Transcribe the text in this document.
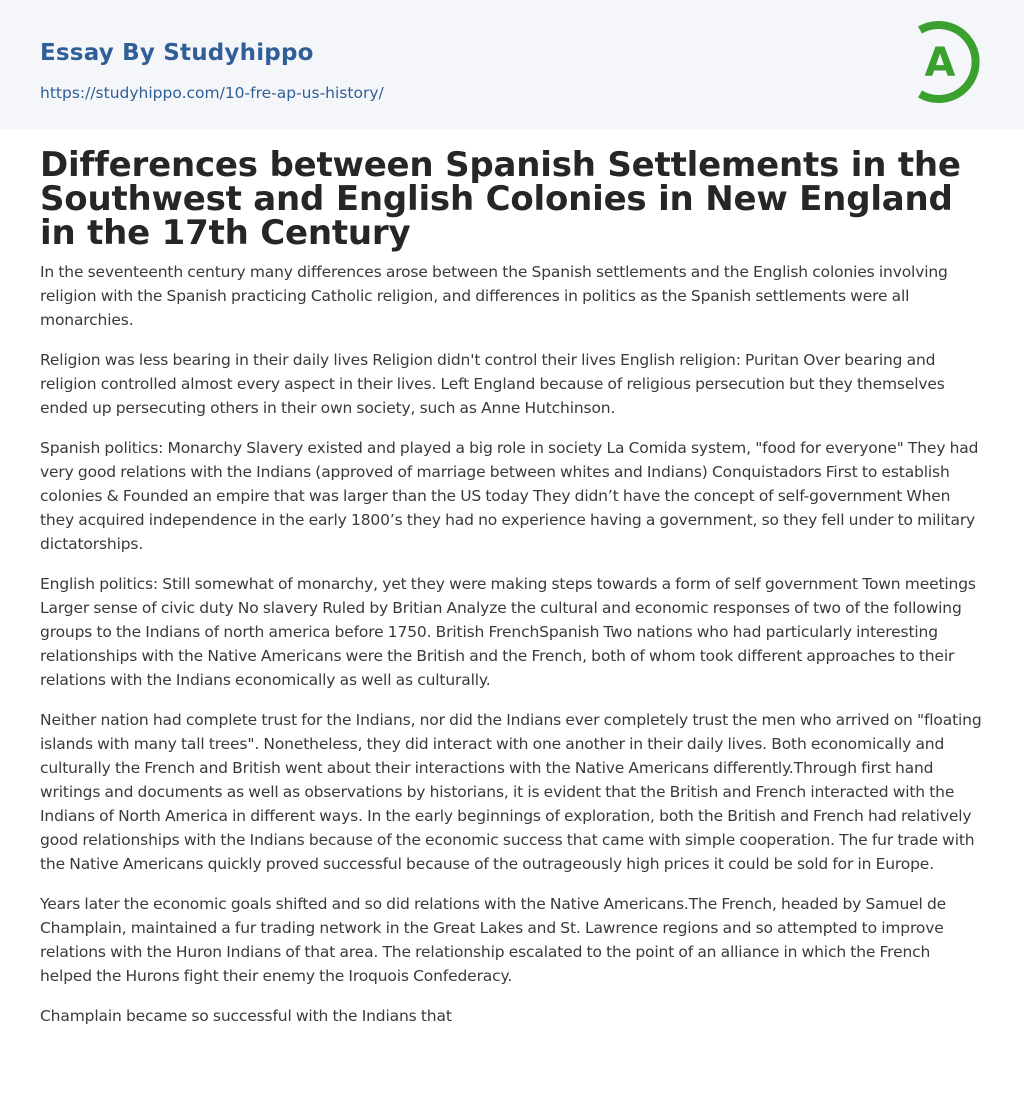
Essay By Studyhippo
https://studyhippo.com/10-fre-ap-us-history/
A
Differences between Spanish Settlements in the Southwest and English Colonies in New England in the 17th Century

In the seventeenth century many differences arose between the Spanish settlements and the English colonies involving religion with the Spanish practicing Catholic religion, and differences in politics as the Spanish settlements were all monarchies.

Religion was less bearing in their daily lives Religion didn't control their lives English religion: Puritan Over bearing and religion controlled almost every aspect in their lives. Left England because of religious persecution but they themselves ended up persecuting others in their own society, such as Anne Hutchinson.

Spanish politics: Monarchy Slavery existed and played a big role in society La Comida system, "food for everyone" They had very good relations with the Indians (approved of marriage between whites and Indians) Conquistadors First to establish colonies & Founded an empire that was larger than the US today They didn’t have the concept of self-government When they acquired independence in the early 1800’s they had no experience having a government, so they fell under to military dictatorships.

English politics: Still somewhat of monarchy, yet they were making steps towards a form of self government Town meetings Larger sense of civic duty No slavery Ruled by Britian Analyze the cultural and economic responses of two of the following groups to the Indians of north america before 1750. British FrenchSpanish Two nations who had particularly interesting relationships with the Native Americans were the British and the French, both of whom took different approaches to their relations with the Indians economically as well as culturally.

Neither nation had complete trust for the Indians, nor did the Indians ever completely trust the men who arrived on "floating islands with many tall trees". Nonetheless, they did interact with one another in their daily lives. Both economically and culturally the French and British went about their interactions with the Native Americans differently.Through first hand writings and documents as well as observations by historians, it is evident that the British and French interacted with the Indians of North America in different ways. In the early beginnings of exploration, both the British and French had relatively good relationships with the Indians because of the economic success that came with simple cooperation. The fur trade with the Native Americans quickly proved successful because of the outrageously high prices it could be sold for in Europe.

Years later the economic goals shifted and so did relations with the Native Americans.The French, headed by Samuel de Champlain, maintained a fur trading network in the Great Lakes and St. Lawrence regions and so attempted to improve relations with the Huron Indians of that area. The relationship escalated to the point of an alliance in which the French helped the Hurons fight their enemy the Iroquois Confederacy.

Champlain became so successful with the Indians that
